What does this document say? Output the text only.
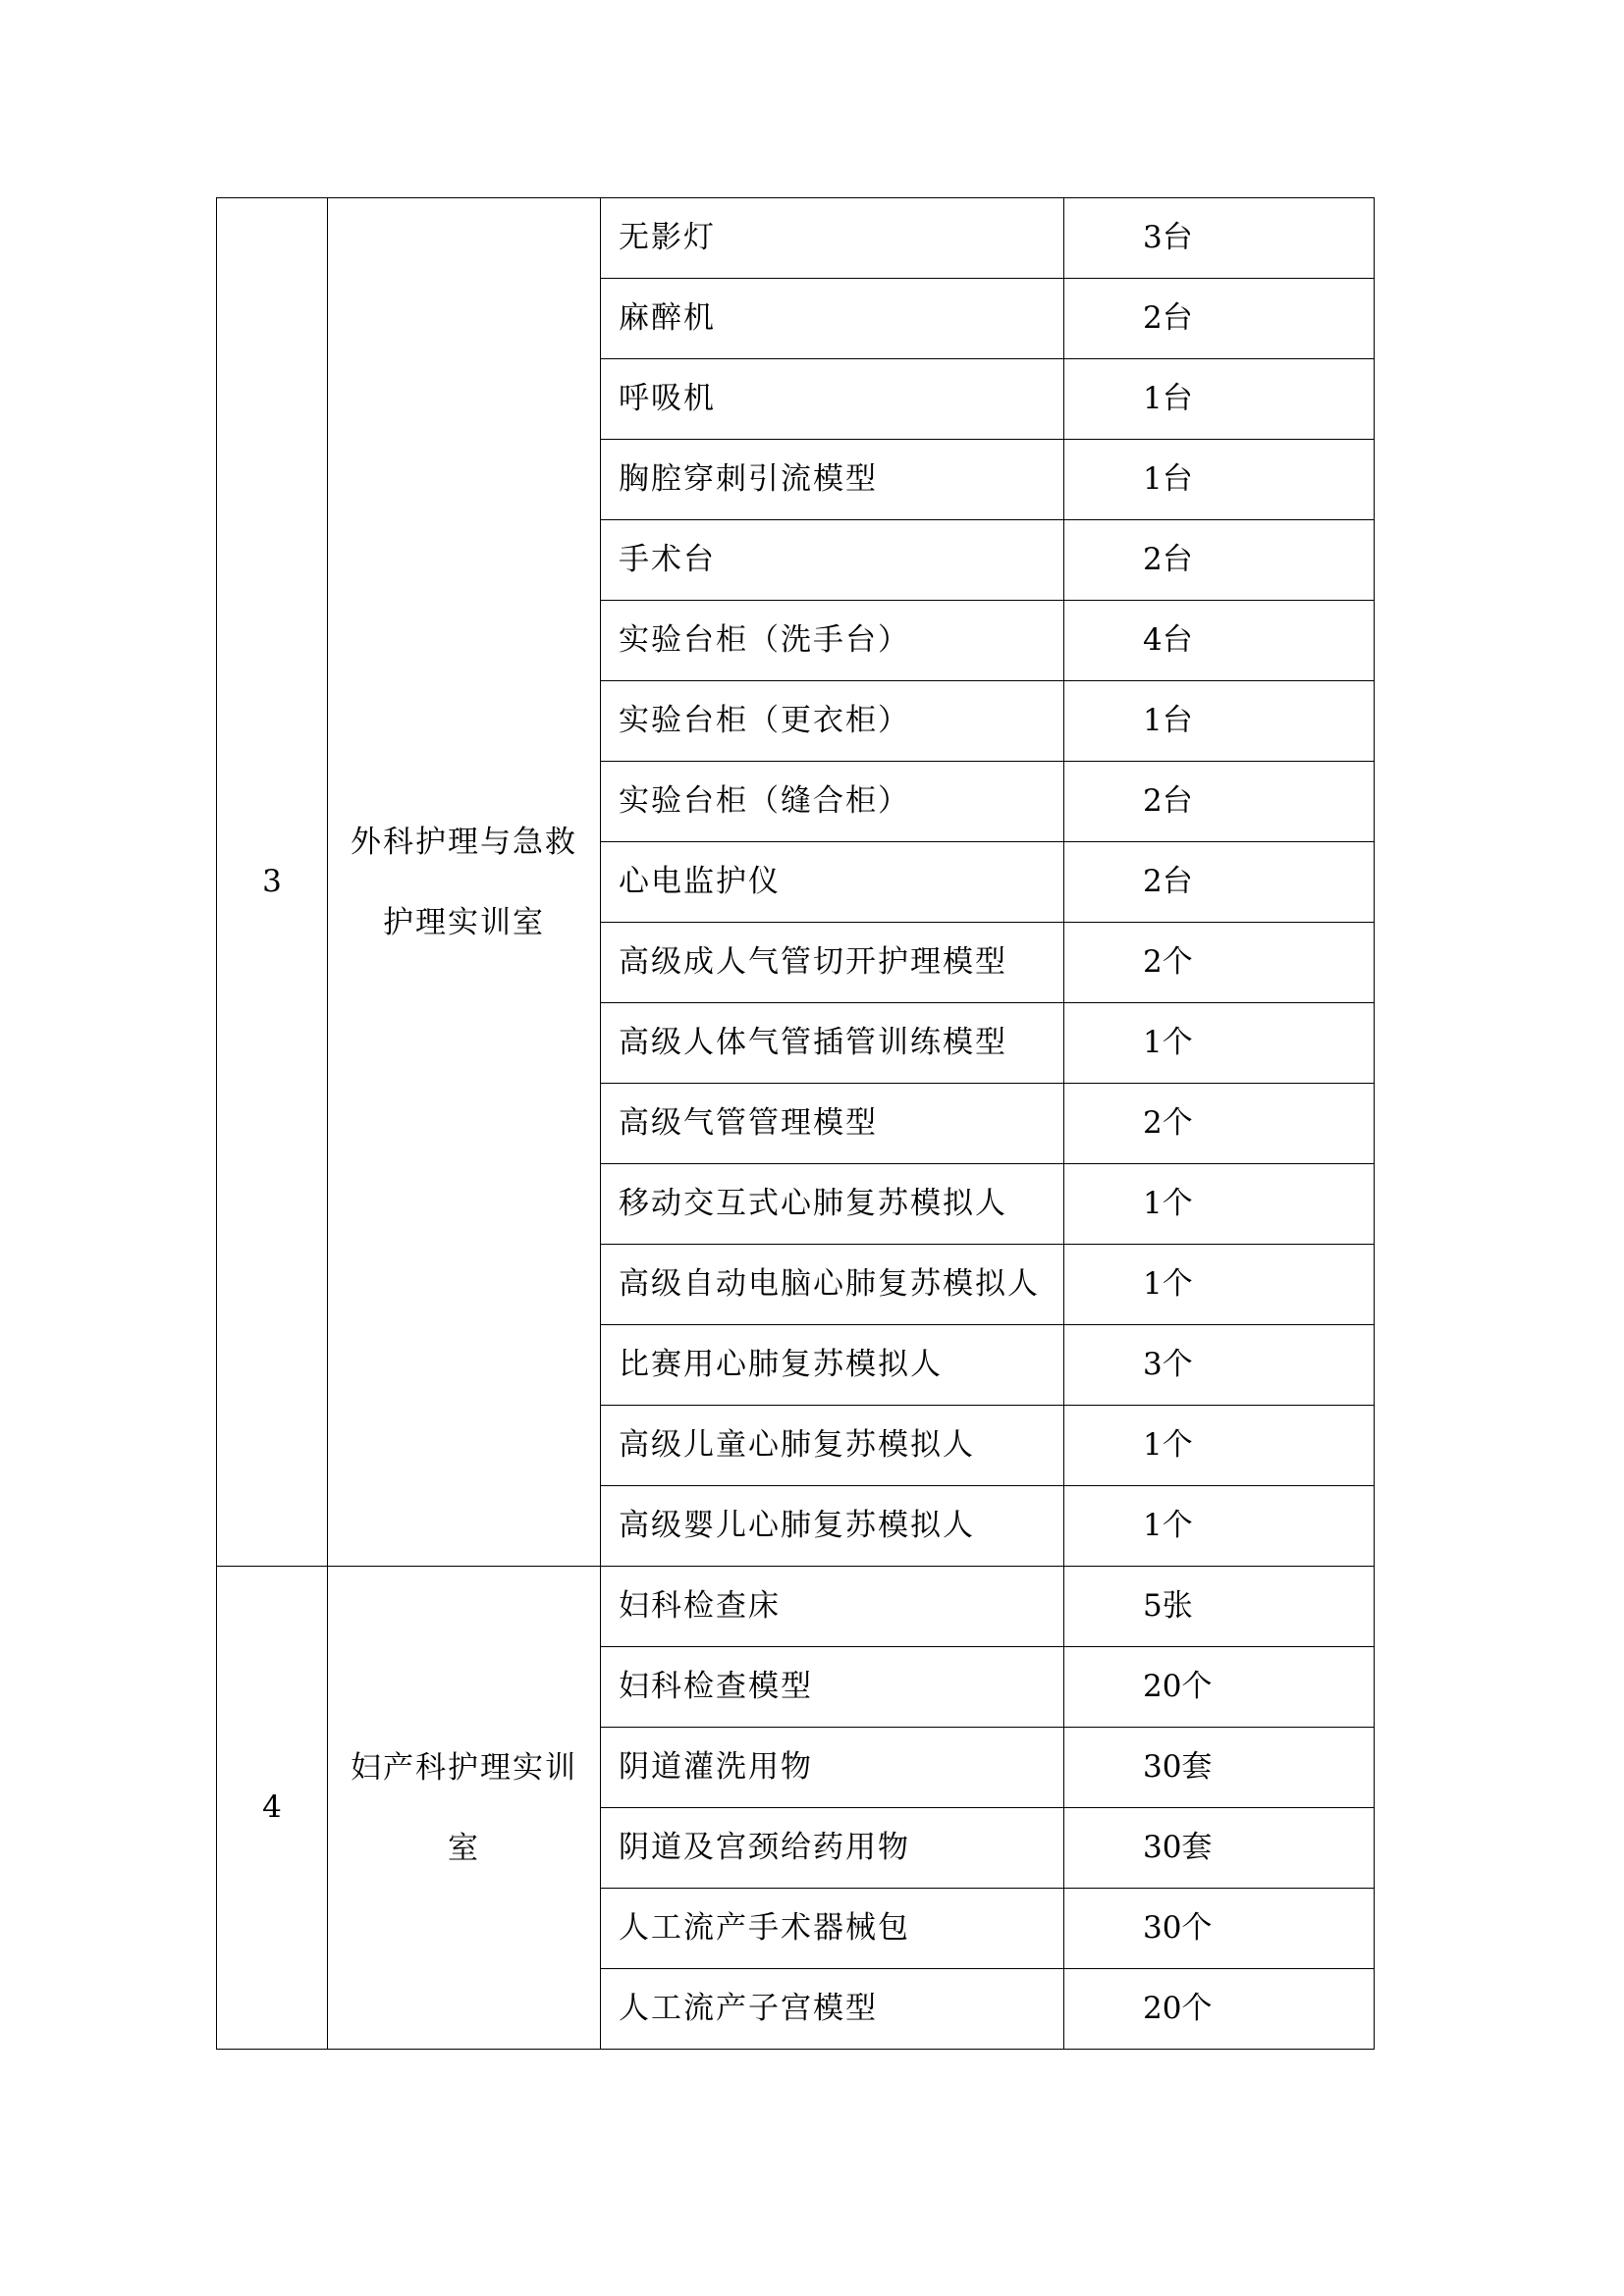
3	外科护理与急救护理实训室	无影灯	3台
		麻醉机	2台
		呼吸机	1台
		胸腔穿刺引流模型	1台
		手术台	2台
		实验台柜（洗手台）	4台
		实验台柜（更衣柜）	1台
		实验台柜（缝合柜）	2台
		心电监护仪	2台
		高级成人气管切开护理模型	2个
		高级人体气管插管训练模型	1个
		高级气管管理模型	2个
		移动交互式心肺复苏模拟人	1个
		高级自动电脑心肺复苏模拟人	1个
		比赛用心肺复苏模拟人	3个
		高级儿童心肺复苏模拟人	1个
		高级婴儿心肺复苏模拟人	1个
4	妇产科护理实训室	妇科检查床	5张
		妇科检查模型	20个
		阴道灌洗用物	30套
		阴道及宫颈给药用物	30套
		人工流产手术器械包	30个
		人工流产子宫模型	20个
